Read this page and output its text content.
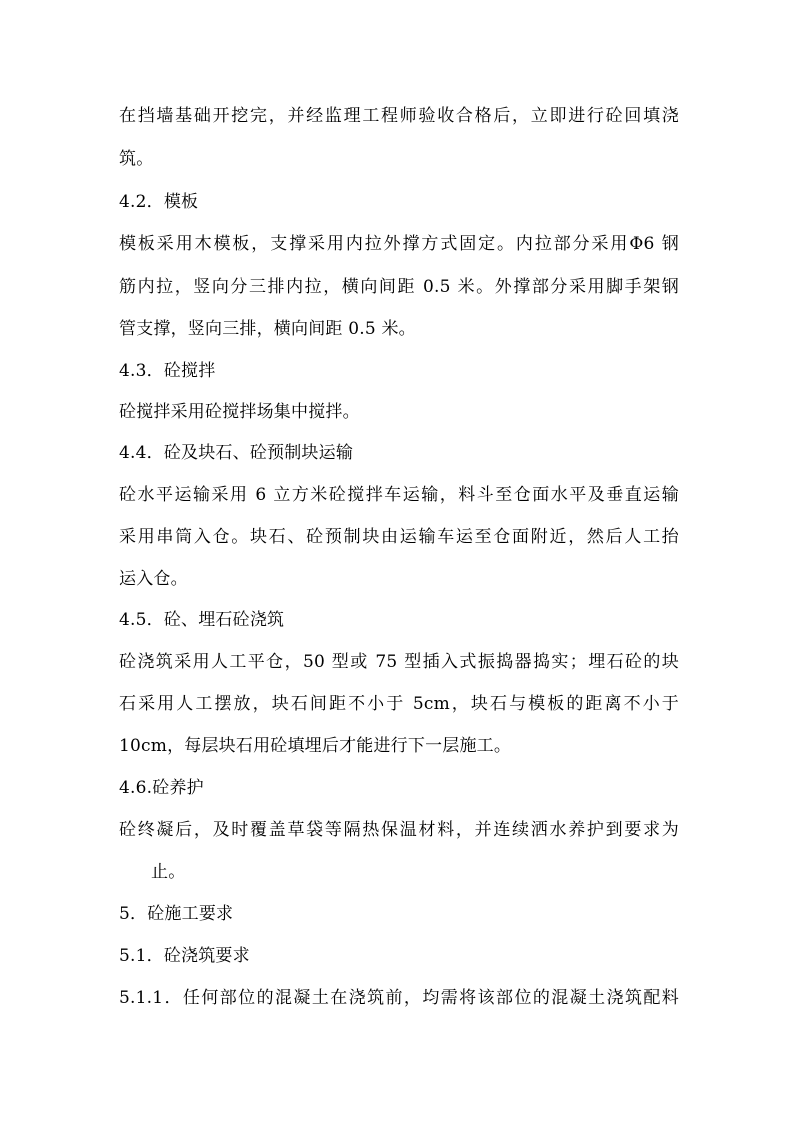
在挡墙基础开挖完，并经监理工程师验收合格后，立即进行砼回填浇
筑。
4.2．模板
模板采用木模板，支撑采用内拉外撑方式固定。内拉部分采用Φ6 钢
筋内拉，竖向分三排内拉，横向间距 0.5 米。外撑部分采用脚手架钢
管支撑，竖向三排，横向间距 0.5 米。
4.3．砼搅拌
砼搅拌采用砼搅拌场集中搅拌。
4.4．砼及块石、砼预制块运输
砼水平运输采用 6 立方米砼搅拌车运输，料斗至仓面水平及垂直运输
采用串筒入仓。块石、砼预制块由运输车运至仓面附近，然后人工抬
运入仓。
4.5．砼、埋石砼浇筑
砼浇筑采用人工平仓，50 型或 75 型插入式振捣器捣实；埋石砼的块
石采用人工摆放，块石间距不小于 5cm，块石与模板的距离不小于
10cm，每层块石用砼填埋后才能进行下一层施工。
4.6.砼养护
砼终凝后，及时覆盖草袋等隔热保温材料，并连续洒水养护到要求为
止。
5．砼施工要求
5.1．砼浇筑要求
5.1.1．任何部位的混凝土在浇筑前，均需将该部位的混凝土浇筑配料
